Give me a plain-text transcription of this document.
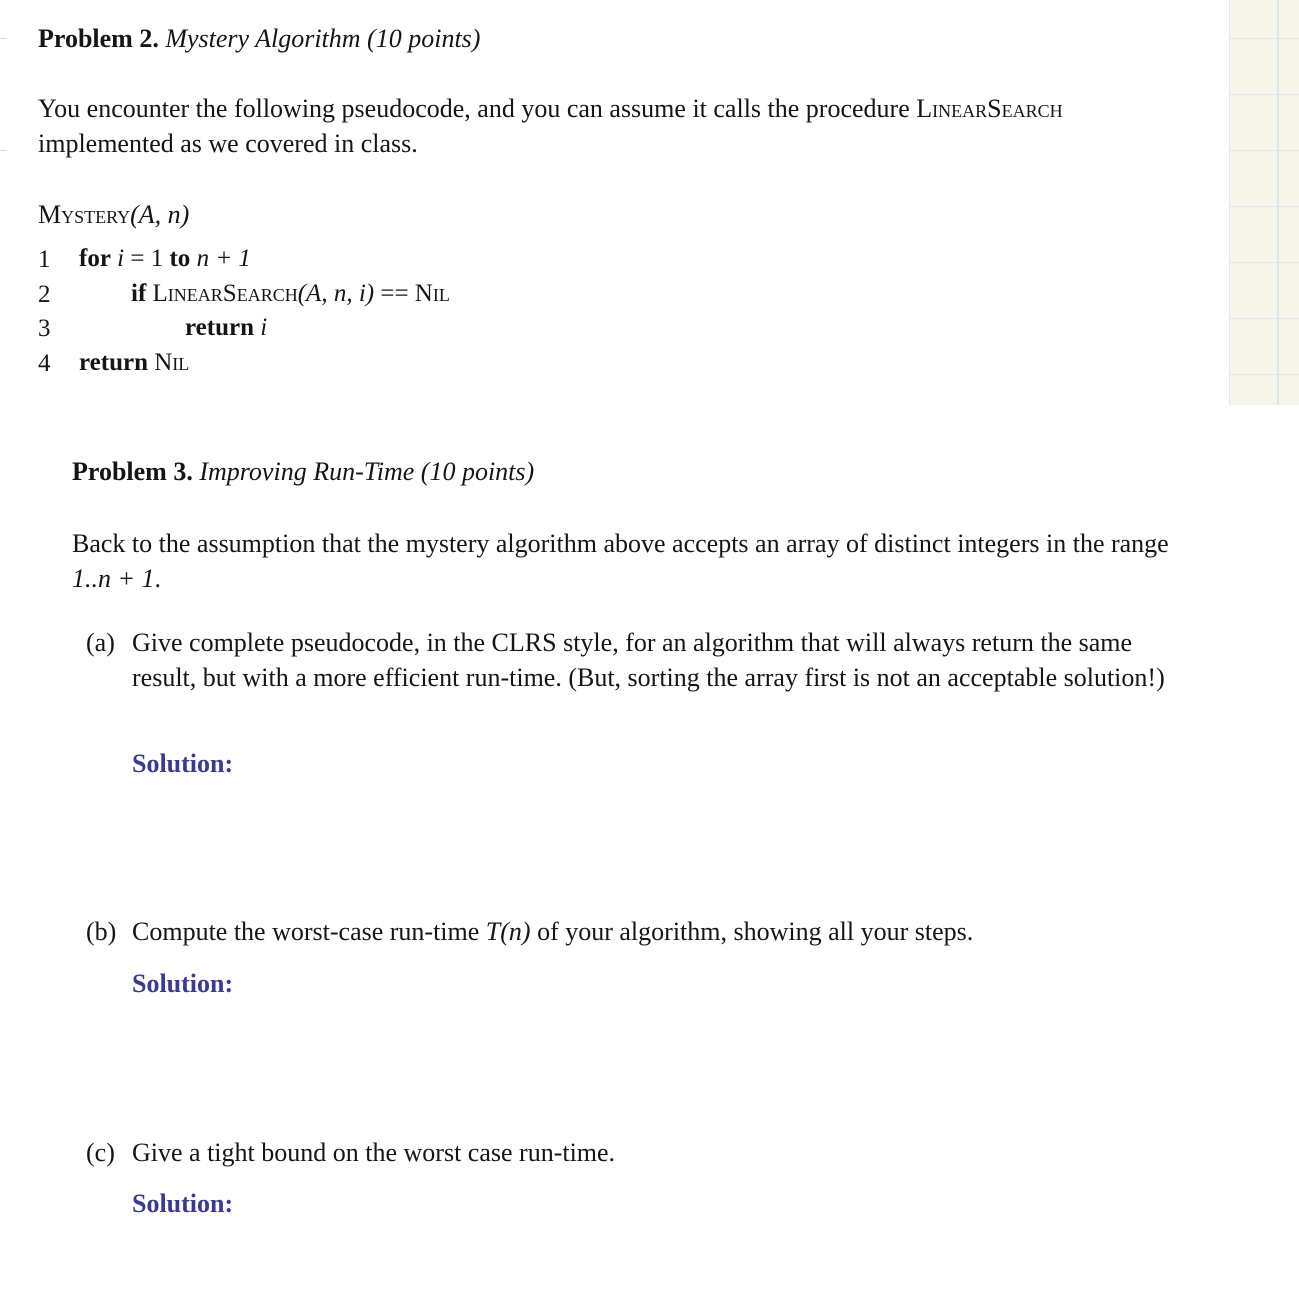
Problem 2. Mystery Algorithm (10 points)
You encounter the following pseudocode, and you can assume it calls the procedure LinearSearch
implemented as we covered in class.
Mystery(A, n)
1 for i = 1 to n + 1
2	if LinearSearch(A, n, i) == Nil
3	return i
4 return Nil
Problem 3. Improving Run-Time (10 points)
Back to the assumption that the mystery algorithm above accepts an array of distinct integers in the range 1..n + 1.
(a) Give complete pseudocode, in the CLRS style, for an algorithm that will always return the same result, but with a more efficient run-time. (But, sorting the array first is not an acceptable solution!)
Solution:
(b) Compute the worst-case run-time T(n) of your algorithm, showing all your steps.
Solution:
(c) Give a tight bound on the worst case run-time.
Solution:
